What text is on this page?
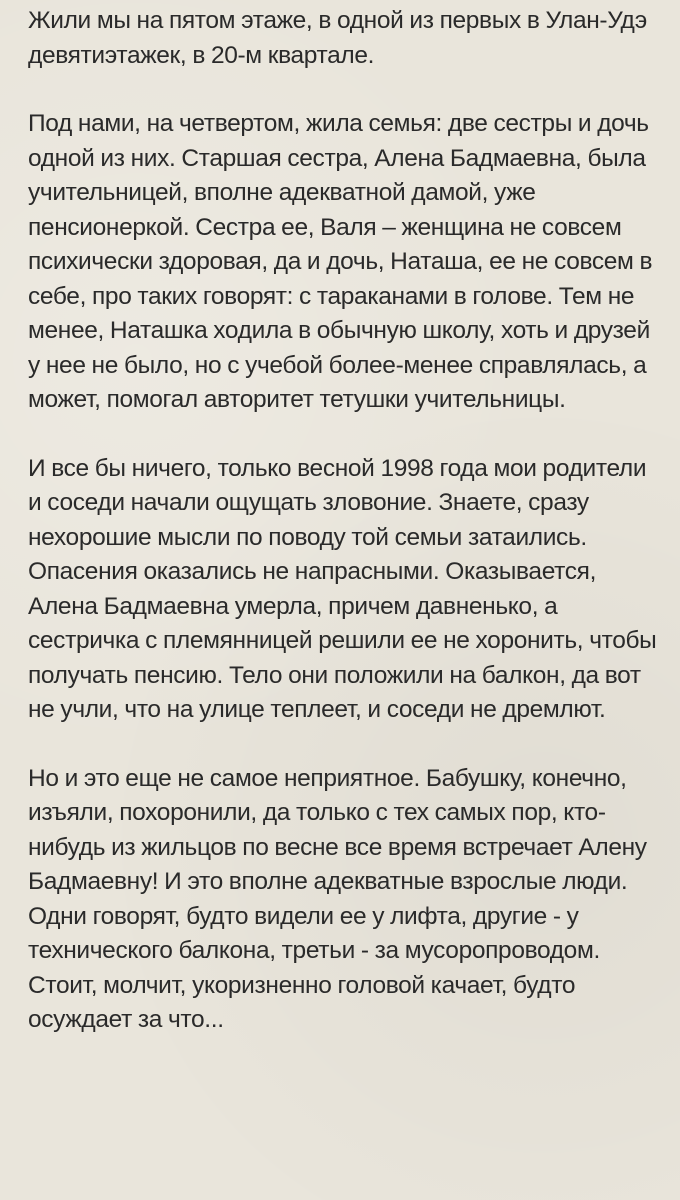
Жили мы на пятом этаже, в одной из первых в Улан-Удэ девятиэтажек, в 20-м квартале.

Под нами, на четвертом, жила семья: две сестры и дочь одной из них. Старшая сестра, Алена Бадмаевна, была учительницей, вполне адекватной дамой, уже пенсионеркой. Сестра ее, Валя – женщина не совсем психически здоровая, да и дочь, Наташа, ее не совсем в себе, про таких говорят: с тараканами в голове. Тем не менее, Наташка ходила в обычную школу, хоть и друзей у нее не было, но с учебой более-менее справлялась, а может, помогал авторитет тетушки учительницы.

И все бы ничего, только весной 1998 года мои родители и соседи начали ощущать зловоние. Знаете, сразу нехорошие мысли по поводу той семьи затаились. Опасения оказались не напрасными. Оказывается, Алена Бадмаевна умерла, причем давненько, а сестричка с племянницей решили ее не хоронить, чтобы получать пенсию. Тело они положили на балкон, да вот не учли, что на улице теплеет, и соседи не дремлют.

Но и это еще не самое неприятное. Бабушку, конечно, изъяли, похоронили, да только с тех самых пор, кто-нибудь из жильцов по весне все время встречает Алену Бадмаевну! И это вполне адекватные взрослые люди. Одни говорят, будто видели ее у лифта, другие - у технического балкона, третьи - за мусоропроводом. Стоит, молчит, укоризненно головой качает, будто осуждает за что...
